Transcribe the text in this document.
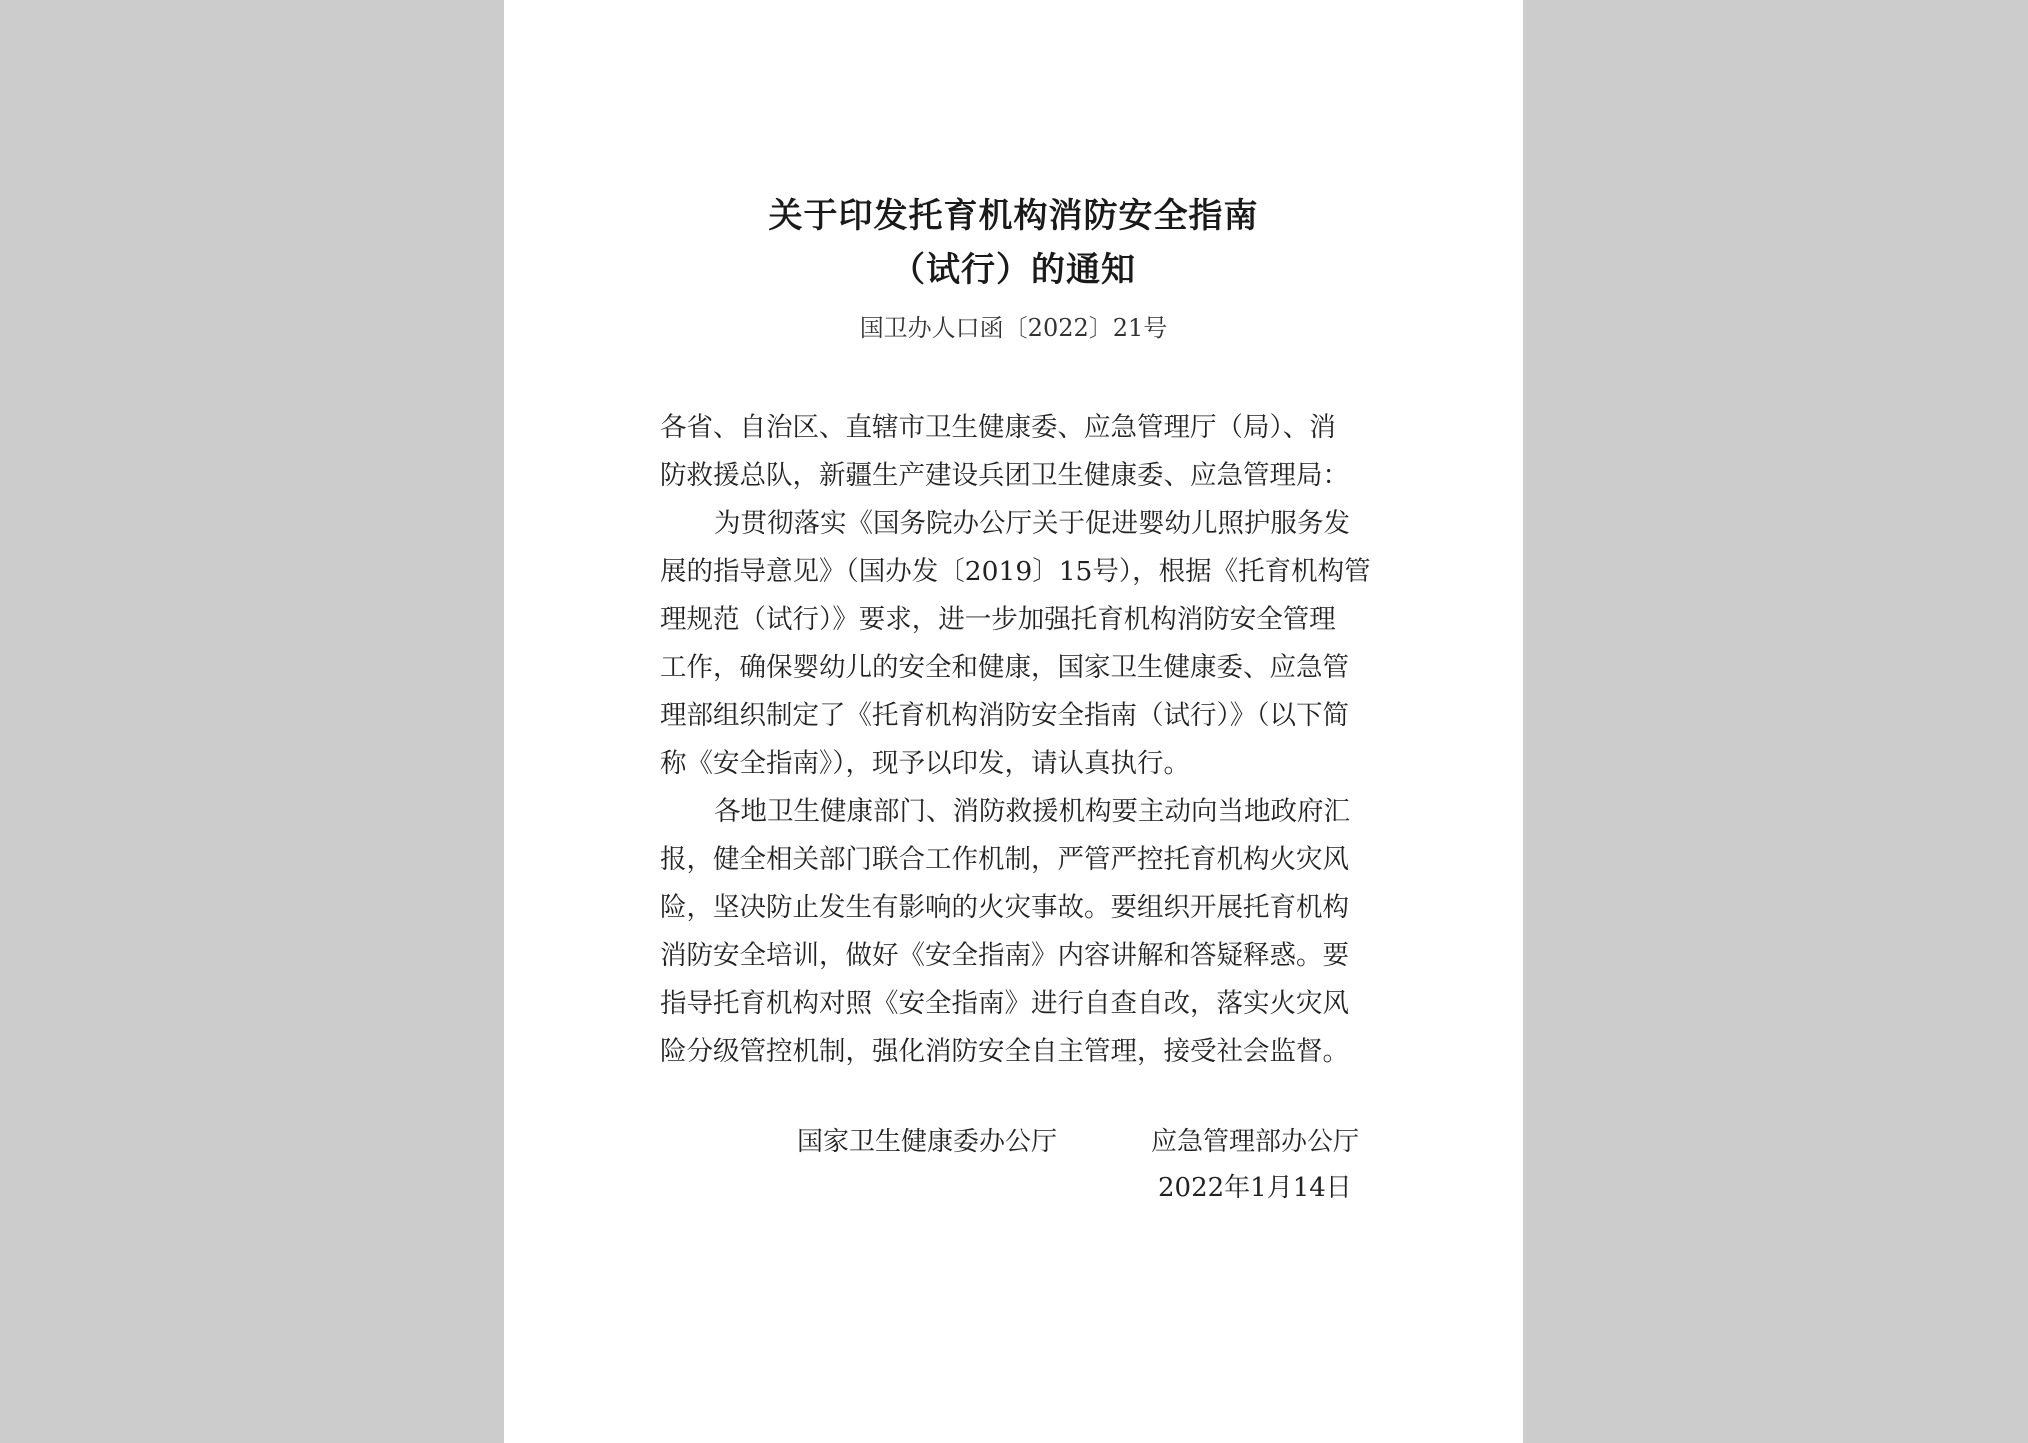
关于印发托育机构消防安全指南
（试行）的通知
国卫办人口函〔2022〕21号
各省、自治区、直辖市卫生健康委、应急管理厅（局）、消
防救援总队，新疆生产建设兵团卫生健康委、应急管理局：
为贯彻落实《国务院办公厅关于促进婴幼儿照护服务发
展的指导意见》（国办发〔2019〕15号），根据《托育机构管
理规范（试行）》要求，进一步加强托育机构消防安全管理
工作，确保婴幼儿的安全和健康，国家卫生健康委、应急管
理部组织制定了《托育机构消防安全指南（试行）》（以下简
称《安全指南》），现予以印发，请认真执行。
各地卫生健康部门、消防救援机构要主动向当地政府汇
报，健全相关部门联合工作机制，严管严控托育机构火灾风
险，坚决防止发生有影响的火灾事故。要组织开展托育机构
消防安全培训，做好《安全指南》内容讲解和答疑释惑。要
指导托育机构对照《安全指南》进行自查自改，落实火灾风
险分级管控机制，强化消防安全自主管理，接受社会监督。
国家卫生健康委办公厅	应急管理部办公厅
2022年1月14日
